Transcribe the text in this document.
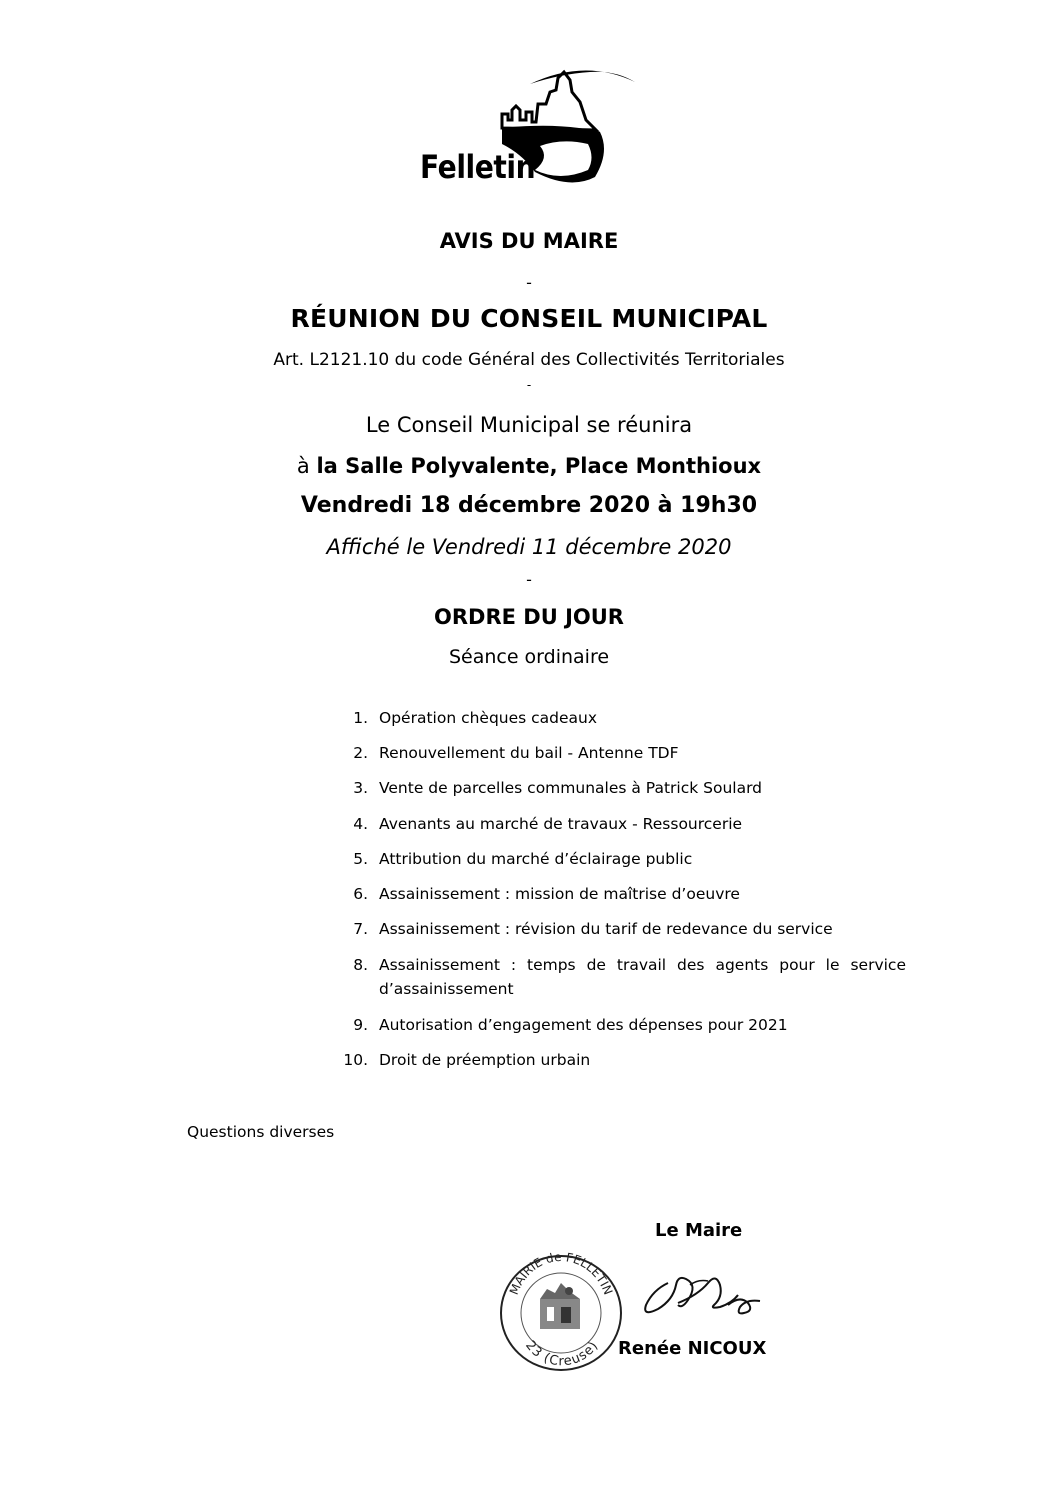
Felletin
AVIS DU MAIRE
-
RÉUNION DU CONSEIL MUNICIPAL
Art. L2121.10 du code Général des Collectivités Territoriales
-
Le Conseil Municipal se réunira
à la Salle Polyvalente, Place Monthioux
Vendredi 18 décembre 2020 à 19h30
Affiché le Vendredi 11 décembre 2020
-
ORDRE DU JOUR
Séance ordinaire
1. Opération chèques cadeaux
2. Renouvellement du bail - Antenne TDF
3. Vente de parcelles communales à Patrick Soulard
4. Avenants au marché de travaux - Ressourcerie
5. Attribution du marché d’éclairage public
6. Assainissement : mission de maîtrise d’oeuvre
7. Assainissement : révision du tarif de redevance du service
8. Assainissement : temps de travail des agents pour le service d’assainissement
9. Autorisation d’engagement des dépenses pour 2021
10. Droit de préemption urbain
Questions diverses
Le Maire
MAIRIE de FELLETIN
23 (Creuse) Renée NICOUX
